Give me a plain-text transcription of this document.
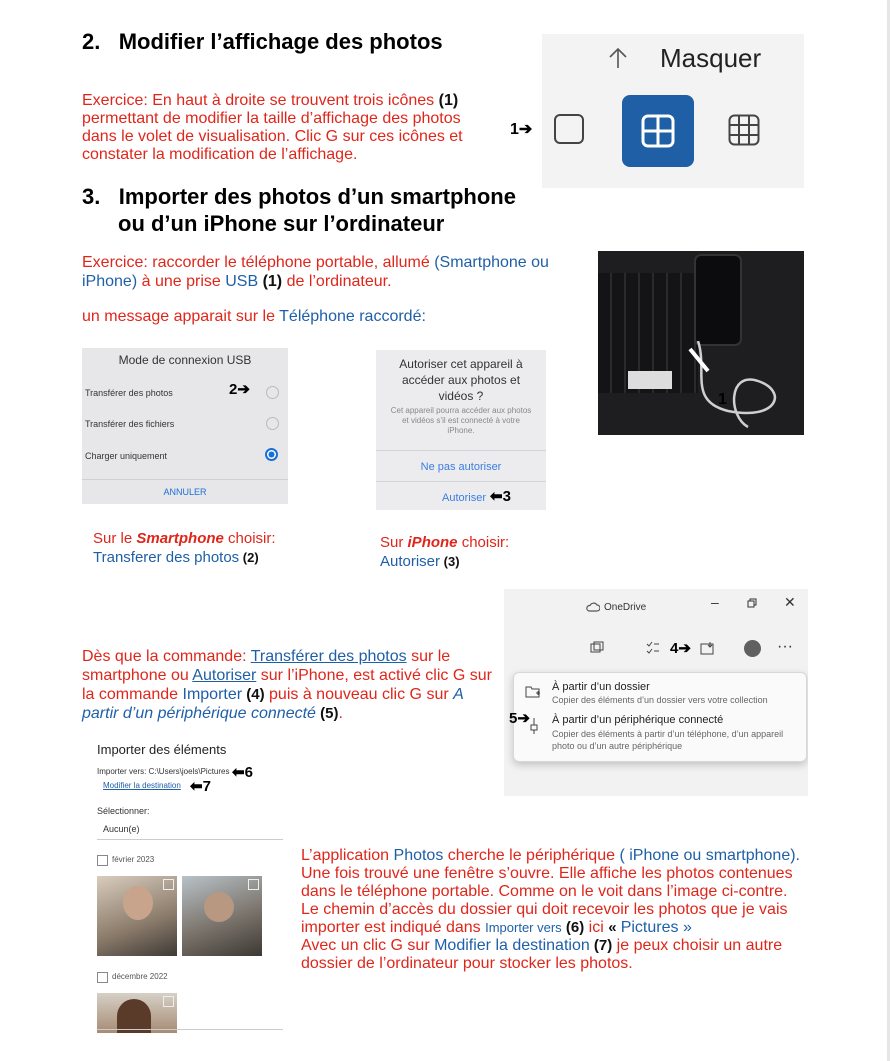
2. Modifier l’affichage des photos
Exercice: En haut à droite se trouvent trois icônes (1) permettant de modifier la taille d’affichage des photos dans le volet de visualisation. Clic G sur ces icônes et constater la modification de l’affichage.
Masquer
1➔
3. Importer des photos d’un smartphone
ou d’un iPhone sur l’ordinateur
Exercice: raccorder le téléphone portable, allumé (Smartphone ou iPhone) à une prise USB (1) de l’ordinateur.
un message apparait sur le Téléphone raccordé:
1
Mode de connexion USB
Transférer des photos
Transférer des fichiers
Charger uniquement
ANNULER
2➔
Autoriser cet appareil à accéder aux photos et vidéos ?
Cet appareil pourra accéder aux photos et vidéos s’il est connecté à votre iPhone.
Ne pas autoriser
Autoriser ⬅3
Sur le Smartphone choisir:
Transferer des photos (2)
Sur iPhone choisir:
Autoriser (3)
OneDrive	–	✕
4➔	···
À partir d’un dossier
Copier des éléments d’un dossier vers votre collection
À partir d’un périphérique connecté
Copier des éléments à partir d’un téléphone, d’un appareil photo ou d’un autre périphérique
5➔
Dès que la commande: Transférer des photos sur le smartphone ou Autoriser sur l’iPhone, est activé clic G sur la commande Importer (4) puis à nouveau clic G sur A partir d’un périphérique connecté (5).
Importer des éléments
Importer vers: C:\Users\joels\Pictures
Modifier la destination
Sélectionner:
Aucun(e)
février 2023
décembre 2022
⬅6
⬅7
L’application Photos cherche le périphérique ( iPhone ou smartphone). Une fois trouvé une fenêtre s’ouvre. Elle affiche les photos contenues dans le téléphone portable. Comme on le voit dans l’image ci-contre.
Le chemin d’accès du dossier qui doit recevoir les photos que je vais importer est indiqué dans Importer vers (6) ici « Pictures »
Avec un clic G sur Modifier la destination (7) je peux choisir un autre dossier de l’ordinateur pour stocker les photos.
